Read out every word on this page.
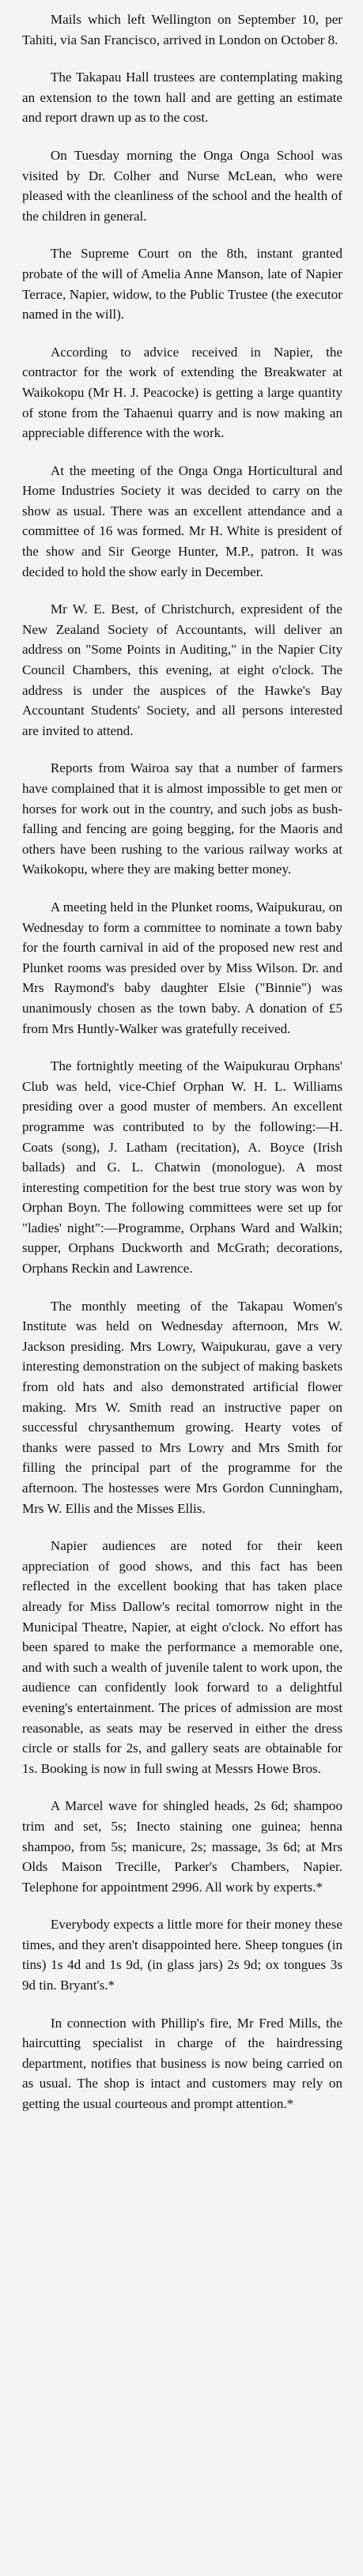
Mails which left Wellington on September 10, per Tahiti, via San Francisco, arrived in London on October 8.

The Takapau Hall trustees are contemplating making an extension to the town hall and are getting an estimate and report drawn up as to the cost.

On Tuesday morning the Onga Onga School was visited by Dr. Colher and Nurse McLean, who were pleased with the cleanliness of the school and the health of the children in general.

The Supreme Court on the 8th, instant granted probate of the will of Amelia Anne Manson, late of Napier Terrace, Napier, widow, to the Public Trustee (the executor named in the will).

According to advice received in Napier, the contractor for the work of extending the Breakwater at Waikokopu (Mr H. J. Peacocke) is getting a large quantity of stone from the Tahaenui quarry and is now making an appreciable difference with the work.

At the meeting of the Onga Onga Horticultural and Home Industries Society it was decided to carry on the show as usual. There was an excellent attendance and a committee of 16 was formed. Mr H. White is president of the show and Sir George Hunter, M.P., patron. It was decided to hold the show early in December.

Mr W. E. Best, of Christchurch, expresident of the New Zealand Society of Accountants, will deliver an address on "Some Points in Auditing," in the Napier City Council Chambers, this evening, at eight o'clock. The address is under the auspices of the Hawke's Bay Accountant Students' Society, and all persons interested are invited to attend.

Reports from Wairoa say that a number of farmers have complained that it is almost impossible to get men or horses for work out in the country, and such jobs as bush-falling and fencing are going begging, for the Maoris and others have been rushing to the various railway works at Waikokopu, where they are making better money.

A meeting held in the Plunket rooms, Waipukurau, on Wednesday to form a committee to nominate a town baby for the fourth carnival in aid of the proposed new rest and Plunket rooms was presided over by Miss Wilson. Dr. and Mrs Raymond's baby daughter Elsie ("Binnie") was unanimously chosen as the town baby. A donation of £5 from Mrs Huntly-Walker was gratefully received.

The fortnightly meeting of the Waipukurau Orphans' Club was held, vice-Chief Orphan W. H. L. Williams presiding over a good muster of members. An excellent programme was contributed to by the following:—H. Coats (song), J. Latham (recitation), A. Boyce (Irish ballads) and G. L. Chatwin (monologue). A most interesting competition for the best true story was won by Orphan Boyn. The following committees were set up for "ladies' night":—Programme, Orphans Ward and Walkin; supper, Orphans Duckworth and McGrath; decorations, Orphans Reckin and Lawrence.

The monthly meeting of the Takapau Women's Institute was held on Wednesday afternoon, Mrs W. Jackson presiding. Mrs Lowry, Waipukurau, gave a very interesting demonstration on the subject of making baskets from old hats and also demonstrated artificial flower making. Mrs W. Smith read an instructive paper on successful chrysanthemum growing. Hearty votes of thanks were passed to Mrs Lowry and Mrs Smith for filling the principal part of the programme for the afternoon. The hostesses were Mrs Gordon Cunningham, Mrs W. Ellis and the Misses Ellis.

Napier audiences are noted for their keen appreciation of good shows, and this fact has been reflected in the excellent booking that has taken place already for Miss Dallow's recital tomorrow night in the Municipal Theatre, Napier, at eight o'clock. No effort has been spared to make the performance a memorable one, and with such a wealth of juvenile talent to work upon, the audience can confidently look forward to a delightful evening's entertainment. The prices of admission are most reasonable, as seats may be reserved in either the dress circle or stalls for 2s, and gallery seats are obtainable for 1s. Booking is now in full swing at Messrs Howe Bros.

A Marcel wave for shingled heads, 2s 6d; shampoo trim and set, 5s; Inecto staining one guinea; henna shampoo, from 5s; manicure, 2s; massage, 3s 6d; at Mrs Olds Maison Trecille, Parker's Chambers, Napier. Telephone for appointment 2996. All work by experts.*

Everybody expects a little more for their money these times, and they aren't disappointed here. Sheep tongues (in tins) 1s 4d and 1s 9d, (in glass jars) 2s 9d; ox tongues 3s 9d tin. Bryant's.*

In connection with Phillip's fire, Mr Fred Mills, the haircutting specialist in charge of the hairdressing department, notifies that business is now being carried on as usual. The shop is intact and customers may rely on getting the usual courteous and prompt attention.*
